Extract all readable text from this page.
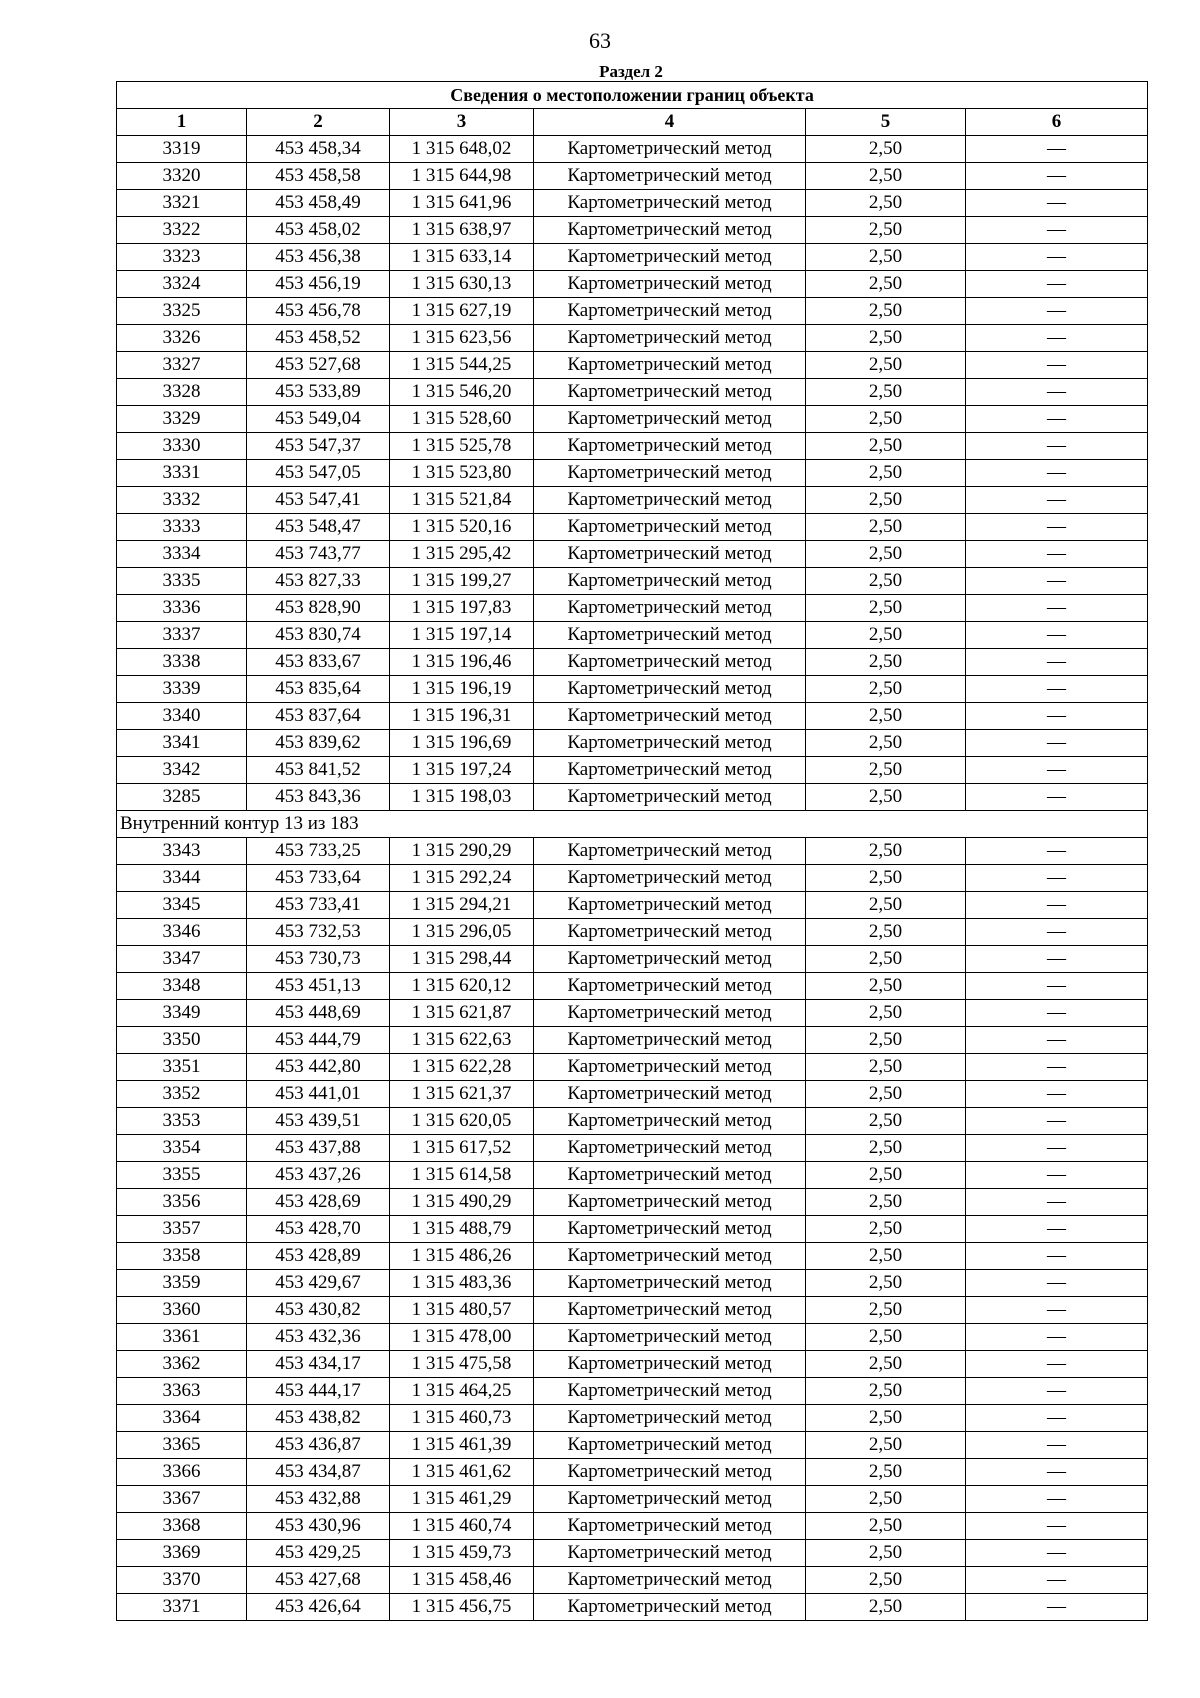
63
Раздел 2
Сведения о местоположении границ объекта					
1	2	3	4	5	6
3319	453 458,34	1 315 648,02	Картометрический метод	2,50	—
3320	453 458,58	1 315 644,98	Картометрический метод	2,50	—
3321	453 458,49	1 315 641,96	Картометрический метод	2,50	—
3322	453 458,02	1 315 638,97	Картометрический метод	2,50	—
3323	453 456,38	1 315 633,14	Картометрический метод	2,50	—
3324	453 456,19	1 315 630,13	Картометрический метод	2,50	—
3325	453 456,78	1 315 627,19	Картометрический метод	2,50	—
3326	453 458,52	1 315 623,56	Картометрический метод	2,50	—
3327	453 527,68	1 315 544,25	Картометрический метод	2,50	—
3328	453 533,89	1 315 546,20	Картометрический метод	2,50	—
3329	453 549,04	1 315 528,60	Картометрический метод	2,50	—
3330	453 547,37	1 315 525,78	Картометрический метод	2,50	—
3331	453 547,05	1 315 523,80	Картометрический метод	2,50	—
3332	453 547,41	1 315 521,84	Картометрический метод	2,50	—
3333	453 548,47	1 315 520,16	Картометрический метод	2,50	—
3334	453 743,77	1 315 295,42	Картометрический метод	2,50	—
3335	453 827,33	1 315 199,27	Картометрический метод	2,50	—
3336	453 828,90	1 315 197,83	Картометрический метод	2,50	—
3337	453 830,74	1 315 197,14	Картометрический метод	2,50	—
3338	453 833,67	1 315 196,46	Картометрический метод	2,50	—
3339	453 835,64	1 315 196,19	Картометрический метод	2,50	—
3340	453 837,64	1 315 196,31	Картометрический метод	2,50	—
3341	453 839,62	1 315 196,69	Картометрический метод	2,50	—
3342	453 841,52	1 315 197,24	Картометрический метод	2,50	—
3285	453 843,36	1 315 198,03	Картометрический метод	2,50	—
Внутренний контур 13 из 183					
3343	453 733,25	1 315 290,29	Картометрический метод	2,50	—
3344	453 733,64	1 315 292,24	Картометрический метод	2,50	—
3345	453 733,41	1 315 294,21	Картометрический метод	2,50	—
3346	453 732,53	1 315 296,05	Картометрический метод	2,50	—
3347	453 730,73	1 315 298,44	Картометрический метод	2,50	—
3348	453 451,13	1 315 620,12	Картометрический метод	2,50	—
3349	453 448,69	1 315 621,87	Картометрический метод	2,50	—
3350	453 444,79	1 315 622,63	Картометрический метод	2,50	—
3351	453 442,80	1 315 622,28	Картометрический метод	2,50	—
3352	453 441,01	1 315 621,37	Картометрический метод	2,50	—
3353	453 439,51	1 315 620,05	Картометрический метод	2,50	—
3354	453 437,88	1 315 617,52	Картометрический метод	2,50	—
3355	453 437,26	1 315 614,58	Картометрический метод	2,50	—
3356	453 428,69	1 315 490,29	Картометрический метод	2,50	—
3357	453 428,70	1 315 488,79	Картометрический метод	2,50	—
3358	453 428,89	1 315 486,26	Картометрический метод	2,50	—
3359	453 429,67	1 315 483,36	Картометрический метод	2,50	—
3360	453 430,82	1 315 480,57	Картометрический метод	2,50	—
3361	453 432,36	1 315 478,00	Картометрический метод	2,50	—
3362	453 434,17	1 315 475,58	Картометрический метод	2,50	—
3363	453 444,17	1 315 464,25	Картометрический метод	2,50	—
3364	453 438,82	1 315 460,73	Картометрический метод	2,50	—
3365	453 436,87	1 315 461,39	Картометрический метод	2,50	—
3366	453 434,87	1 315 461,62	Картометрический метод	2,50	—
3367	453 432,88	1 315 461,29	Картометрический метод	2,50	—
3368	453 430,96	1 315 460,74	Картометрический метод	2,50	—
3369	453 429,25	1 315 459,73	Картометрический метод	2,50	—
3370	453 427,68	1 315 458,46	Картометрический метод	2,50	—
3371	453 426,64	1 315 456,75	Картометрический метод	2,50	—
